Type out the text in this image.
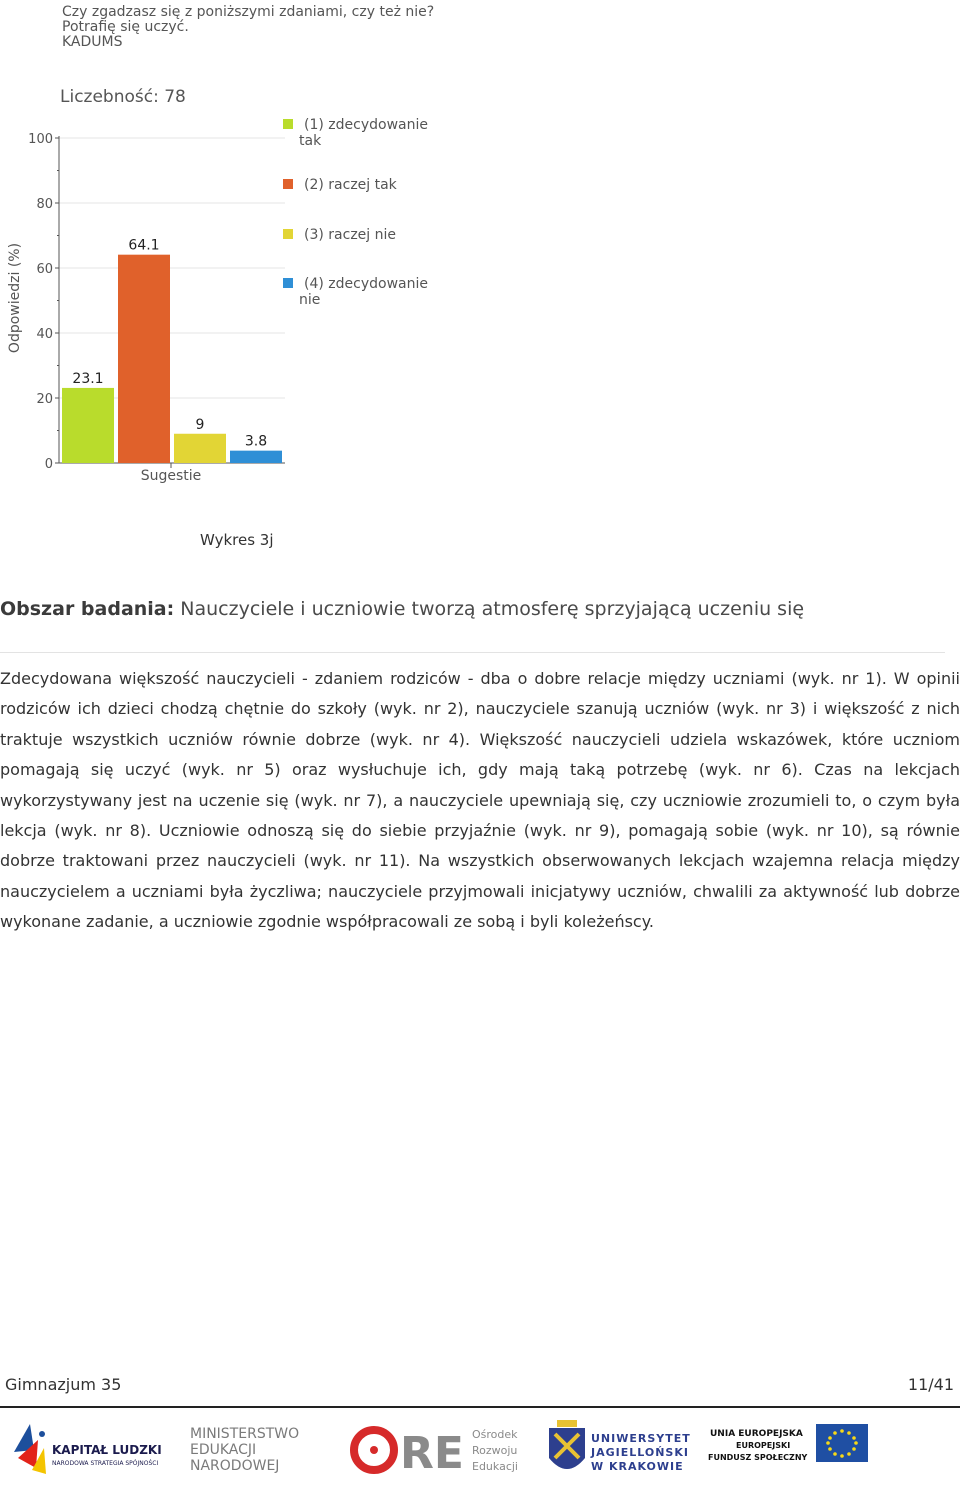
Czy zgadzasz się z poniższymi zdaniami, czy też nie?
Potrafię się uczyć.
KADUMS
Liczebność: 78
0
20
40
60
80
100
Odpowiedzi (%)
Sugestie
23.1
64.1
9
3.8
(1) zdecydowanie
tak
(2) raczej tak
(3) raczej nie
(4) zdecydowanie
nie
Wykres 3j
Obszar badania: Nauczyciele i uczniowie tworzą atmosferę sprzyjającą uczeniu się
Zdecydowana większość nauczycieli - zdaniem rodziców - dba o dobre relacje między uczniami (wyk. nr 1). W opinii rodziców ich dzieci chodzą chętnie do szkoły (wyk. nr 2), nauczyciele szanują uczniów (wyk. nr 3) i większość z nich traktuje wszystkich uczniów równie dobrze (wyk. nr 4). Większość nauczycieli udziela wskazówek, które uczniom pomagają się uczyć (wyk. nr 5) oraz wysłuchuje ich, gdy mają taką potrzebę (wyk. nr 6). Czas na lekcjach wykorzystywany jest na uczenie się (wyk. nr 7), a nauczyciele upewniają się, czy uczniowie zrozumieli to, o czym była lekcja (wyk. nr 8). Uczniowie odnoszą się do siebie przyjaźnie (wyk. nr 9), pomagają sobie (wyk. nr 10), są równie dobrze traktowani przez nauczycieli (wyk. nr 11). Na wszystkich obserwowanych lekcjach wzajemna relacja między nauczycielem a uczniami była życzliwa; nauczyciele przyjmowali inicjatywy uczniów, chwalili za aktywność lub dobrze wykonane zadanie, a uczniowie zgodnie współpracowali ze sobą i byli koleżeńscy.
Gimnazjum 35	11/41
KAPITAŁ LUDZKI
NARODOWA STRATEGIA SPÓJNOŚCI
MINISTERSTWO
EDUKACJI
NARODOWEJ	RE Ośrodek
Rozwoju
Edukacji
UNIWERSYTET
JAGIELLOŃSKI
W KRAKOWIE
UNIA EUROPEJSKA
EUROPEJSKI
FUNDUSZ SPOŁECZNY
